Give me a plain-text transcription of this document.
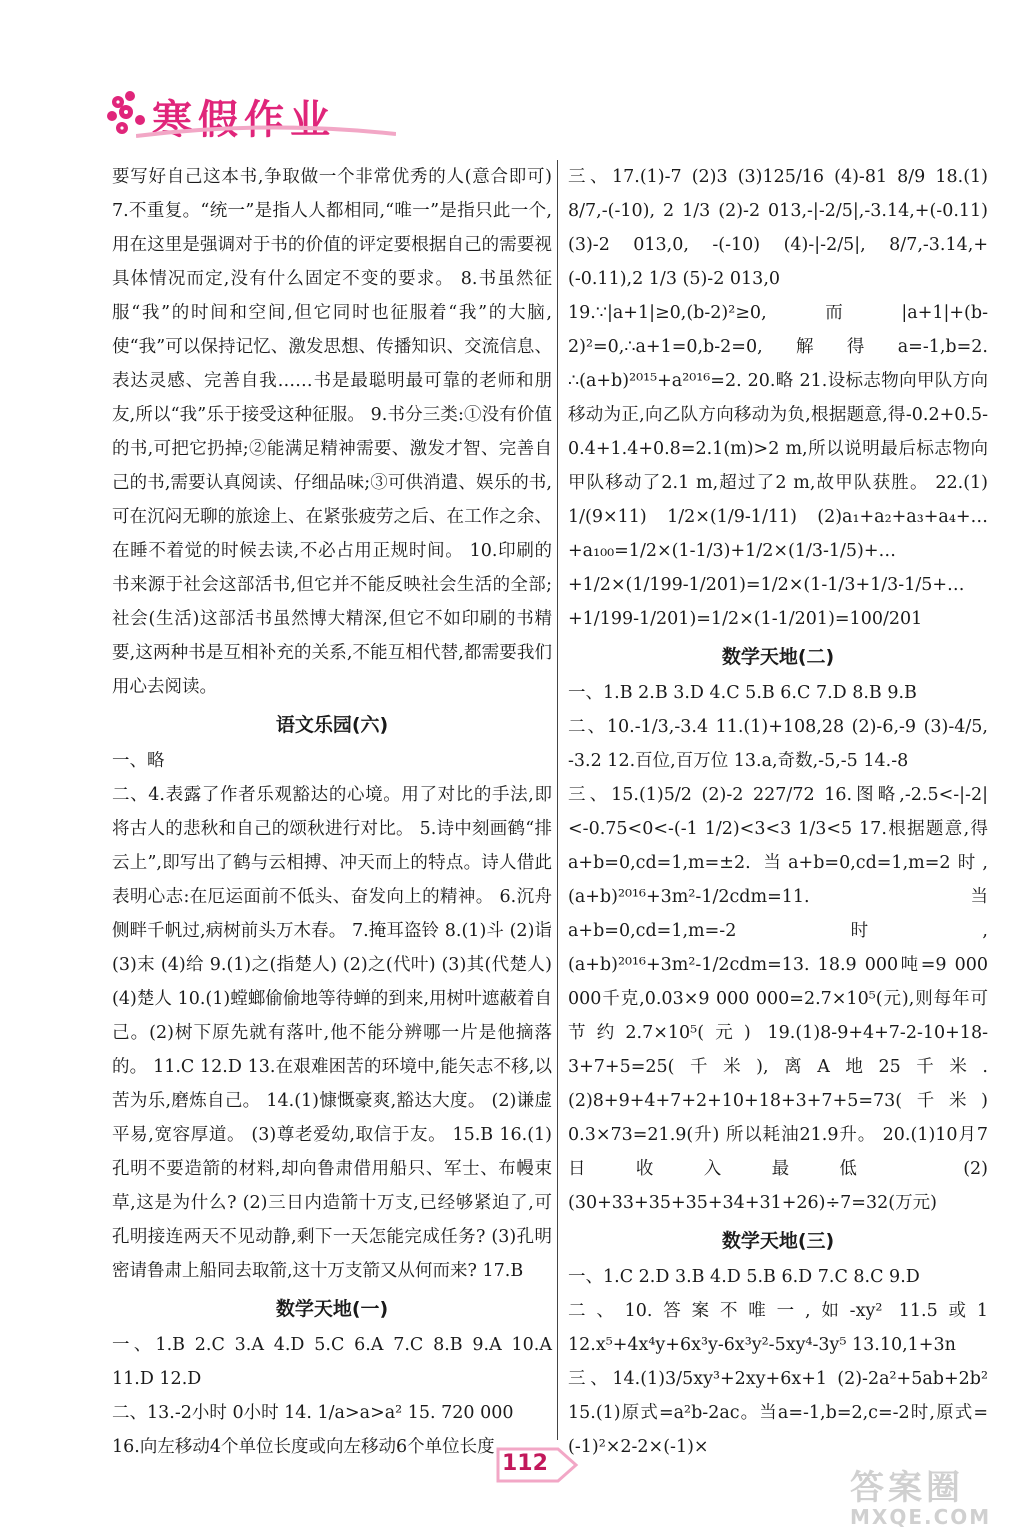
寒假作业

要写好自己这本书,争取做一个非常优秀的人(意合即可) 7.不重复。“统一”是指人人都相同,“唯一”是指只此一个,用在这里是强调对于书的价值的评定要根据自己的需要视具体情况而定,没有什么固定不变的要求。 8.书虽然征服“我”的时间和空间,但它同时也征服着“我”的大脑,使“我”可以保持记忆、激发思想、传播知识、交流信息、表达灵感、完善自我……书是最聪明最可靠的老师和朋友,所以“我”乐于接受这种征服。 9.书分三类:①没有价值的书,可把它扔掉;②能满足精神需要、激发才智、完善自己的书,需要认真阅读、仔细品味;③可供消遣、娱乐的书,可在沉闷无聊的旅途上、在紧张疲劳之后、在工作之余、在睡不着觉的时候去读,不必占用正规时间。 10.印刷的书来源于社会这部活书,但它并不能反映社会生活的全部;社会(生活)这部活书虽然博大精深,但它不如印刷的书精要,这两种书是互相补充的关系,不能互相代替,都需要我们用心去阅读。

语文乐园(六)

一、略

二、4.表露了作者乐观豁达的心境。用了对比的手法,即将古人的悲秋和自己的颂秋进行对比。 5.诗中刻画鹤“排云上”,即写出了鹤与云相搏、冲天而上的特点。诗人借此表明心志:在厄运面前不低头、奋发向上的精神。 6.沉舟侧畔千帆过,病树前头万木春。 7.掩耳盗铃 8.(1)斗 (2)诣 (3)末 (4)给 9.(1)之(指楚人) (2)之(代叶) (3)其(代楚人) (4)楚人 10.(1)螳螂偷偷地等待蝉的到来,用树叶遮蔽着自己。(2)树下原先就有落叶,他不能分辨哪一片是他摘落的。 11.C 12.D 13.在艰难困苦的环境中,能矢志不移,以苦为乐,磨炼自己。 14.(1)慷慨豪爽,豁达大度。 (2)谦虚平易,宽容厚道。 (3)尊老爱幼,取信于友。 15.B 16.(1)孔明不要造箭的材料,却向鲁肃借用船只、军士、布幔束草,这是为什么? (2)三日内造箭十万支,已经够紧迫了,可孔明接连两天不见动静,剩下一天怎能完成任务? (3)孔明密请鲁肃上船同去取箭,这十万支箭又从何而来? 17.B

数学天地(一)

一、1.B 2.C 3.A 4.D 5.C 6.A 7.C 8.B 9.A 10.A 11.D 12.D

二、13.-2小时 0小时 14. 1/a>a>a² 15. 720 000

16.向左移动4个单位长度或向左移动6个单位长度

三、17.(1)-7 (2)3 (3)125/16 (4)-81 8/9 18.(1) 8/7,-(-10), 2 1/3 (2)-2 013,-|-2/5|,-3.14,+(-0.11) (3)-2 013,0, -(-10) (4)-|-2/5|, 8/7,-3.14,+(-0.11),2 1/3 (5)-2 013,0

19.∵|a+1|≥0,(b-2)²≥0,而|a+1|+(b-2)²=0,∴a+1=0,b-2=0,解得a=-1,b=2. ∴(a+b)²⁰¹⁵+a²⁰¹⁶=2. 20.略 21.设标志物向甲队方向移动为正,向乙队方向移动为负,根据题意,得-0.2+0.5-0.4+1.4+0.8=2.1(m)>2 m,所以说明最后标志物向甲队移动了2.1 m,超过了2 m,故甲队获胜。 22.(1) 1/(9×11) 1/2×(1/9-1/11) (2)a₁+a₂+a₃+a₄+…+a₁₀₀=1/2×(1-1/3)+1/2×(1/3-1/5)+…+1/2×(1/199-1/201)=1/2×(1-1/3+1/3-1/5+…+1/199-1/201)=1/2×(1-1/201)=100/201

数学天地(二)

一、1.B 2.B 3.D 4.C 5.B 6.C 7.D 8.B 9.B

二、10.-1/3,-3.4 11.(1)+108,28 (2)-6,-9 (3)-4/5, -3.2 12.百位,百万位 13.a,奇数,-5,-5 14.-8

三、15.(1)5/2 (2)-2 227/72 16.图略,-2.5<-|-2|<-0.75<0<-(-1 1/2)<3<3 1/3<5 17.根据题意,得a+b=0,cd=1,m=±2. 当a+b=0,cd=1,m=2时,(a+b)²⁰¹⁶+3m²-1/2cdm=11. 当a+b=0,cd=1,m=-2时,(a+b)²⁰¹⁶+3m²-1/2cdm=13. 18.9 000吨=9 000 000千克,0.03×9 000 000=2.7×10⁵(元),则每年可节约2.7×10⁵(元) 19.(1)8-9+4+7-2-10+18-3+7+5=25(千米),离A地25千米. (2)8+9+4+7+2+10+18+3+7+5=73(千米) 0.3×73=21.9(升) 所以耗油21.9升。 20.(1)10月7日收入最低 (2)(30+33+35+35+34+31+26)÷7=32(万元)

数学天地(三)

一、1.C 2.D 3.B 4.D 5.B 6.D 7.C 8.C 9.D

二、10.答案不唯一,如-xy² 11.5或1 12.x⁵+4x⁴y+6x³y-6x³y²-5xy⁴-3y⁵ 13.10,1+3n

三、14.(1)3/5xy³+2xy+6x+1 (2)-2a²+5ab+2b² 15.(1)原式=a²b-2ac。当a=-1,b=2,c=-2时,原式=(-1)²×2-2×(-1)×

112
答案圈
MXQE.COM
